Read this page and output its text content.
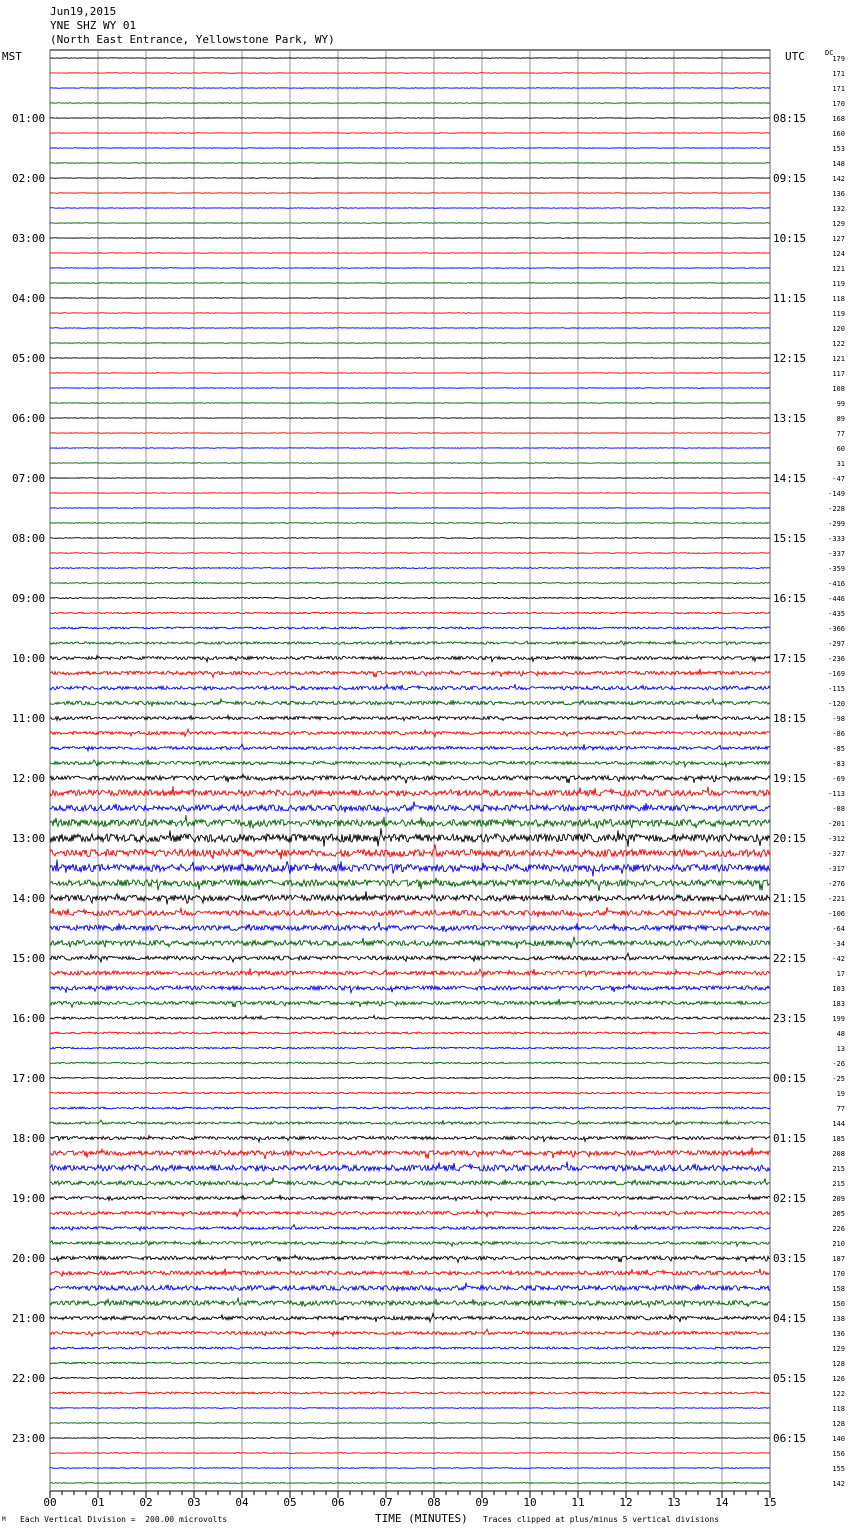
Jun19,2015
YNE SHZ WY 01
(North East Entrance, Yellowstone Park, WY)
MST	UTC	DC
00	01	02	03	04	05	06	07	08	09	10	11	12	13	14	15
179
171
171
170
168
160
153
148
142
136
132
129
127
124
121
119
118
119
120
122
121
117
108
99
89
77
60
31
-47
-149
-228
-299
-333
-337
-359
-416
-446
-435
-366
-297
-236
-169
-115
-120
-98
-86
-85
-83
-69
-113
-88
-201
-312
-327
-317
-276
-221
-106
-64
-34
-42
17
103
183
199
48
13
-26
-25
19
77
144
185
208
215
215
209
205
226
210
187
170
158
150
138
136
129
128
126
122
118
128
140
156
155
142
01:00	08:15
02:00	09:15
03:00	10:15
04:00	11:15
05:00	12:15
06:00	13:15
07:00	14:15
08:00	15:15
09:00	16:15
10:00	17:15
11:00	18:15
12:00	19:15
13:00	20:15
14:00	21:15
15:00	22:15
16:00	23:15
17:00	00:15
18:00	01:15
19:00	02:15
20:00	03:15
21:00	04:15
22:00	05:15
23:00	06:15
M Each Vertical Division =  200.00 microvolts	TIME (MINUTES) Traces clipped at plus/minus 5 vertical divisions
